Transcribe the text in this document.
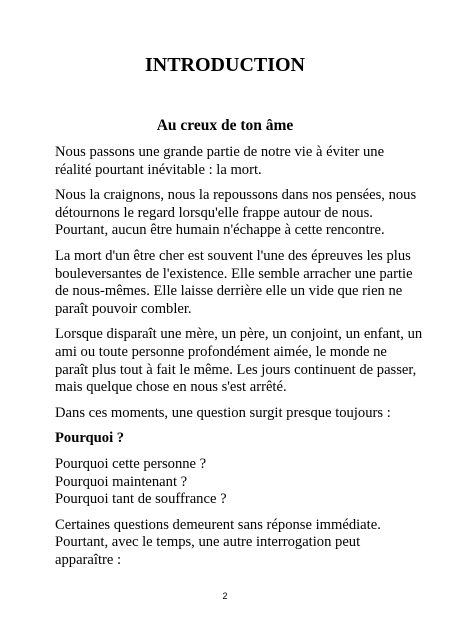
INTRODUCTION
Au creux de ton âme

Nous passons une grande partie de notre vie à éviter une
réalité pourtant inévitable : la mort.

Nous la craignons, nous la repoussons dans nos pensées, nous
détournons le regard lorsqu'elle frappe autour de nous.
Pourtant, aucun être humain n'échappe à cette rencontre.

La mort d'un être cher est souvent l'une des épreuves les plus
bouleversantes de l'existence. Elle semble arracher une partie
de nous-mêmes. Elle laisse derrière elle un vide que rien ne
paraît pouvoir combler.

Lorsque disparaît une mère, un père, un conjoint, un enfant, un
ami ou toute personne profondément aimée, le monde ne
paraît plus tout à fait le même. Les jours continuent de passer,
mais quelque chose en nous s'est arrêté.

Dans ces moments, une question surgit presque toujours :

Pourquoi ?

Pourquoi cette personne ?
Pourquoi maintenant ?
Pourquoi tant de souffrance ?

Certaines questions demeurent sans réponse immédiate.
Pourtant, avec le temps, une autre interrogation peut
apparaître :

2
